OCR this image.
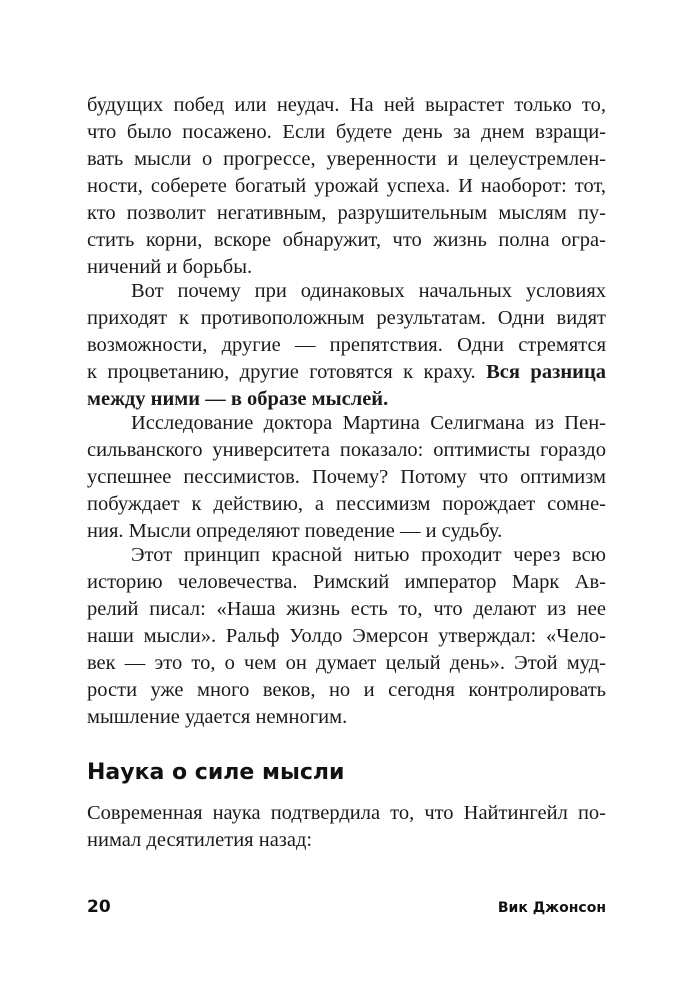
будущих побед или неудач. На ней вырастет только то,
что было посажено. Если будете день за днем взращи-
вать мысли о прогрессе, уверенности и целеустремлен-
ности, соберете богатый урожай успеха. И наоборот: тот,
кто позволит негативным, разрушительным мыслям пу-
стить корни, вскоре обнаружит, что жизнь полна огра-
ничений и борьбы.
Вот почему при одинаковых начальных условиях
приходят к противоположным результатам. Одни видят
возможности, другие — препятствия. Одни стремятся
к процветанию, другие готовятся к краху. Вся разница
между ними — в образе мыслей.
Исследование доктора Мартина Селигмана из Пен-
сильванского университета показало: оптимисты гораздо
успешнее пессимистов. Почему? Потому что оптимизм
побуждает к действию, а пессимизм порождает сомне-
ния. Мысли определяют поведение — и судьбу.
Этот принцип красной нитью проходит через всю
историю человечества. Римский император Марк Ав-
релий писал: «Наша жизнь есть то, что делают из нее
наши мысли». Ральф Уолдо Эмерсон утверждал: «Чело-
век — это то, о чем он думает целый день». Этой муд-
рости уже много веков, но и сегодня контролировать
мышление удается немногим.
Наука о силе мысли
Современная наука подтвердила то, что Найтингейл по-
нимал десятилетия назад:
20	Вик Джонсон
